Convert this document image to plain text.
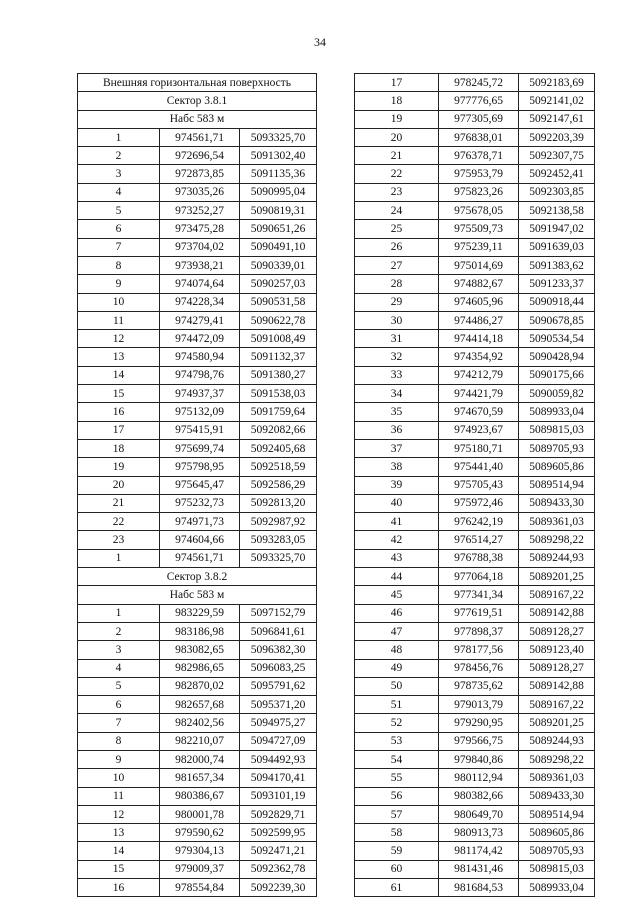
34
Внешняя горизонтальная поверхность		
Сектор 3.8.1		
Набс 583 м		
1	974561,71	5093325,70
2	972696,54	5091302,40
3	972873,85	5091135,36
4	973035,26	5090995,04
5	973252,27	5090819,31
6	973475,28	5090651,26
7	973704,02	5090491,10
8	973938,21	5090339,01
9	974074,64	5090257,03
10	974228,34	5090531,58
11	974279,41	5090622,78
12	974472,09	5091008,49
13	974580,94	5091132,37
14	974798,76	5091380,27
15	974937,37	5091538,03
16	975132,09	5091759,64
17	975415,91	5092082,66
18	975699,74	5092405,68
19	975798,95	5092518,59
20	975645,47	5092586,29
21	975232,73	5092813,20
22	974971,73	5092987,92
23	974604,66	5093283,05
1	974561,71	5093325,70
Сектор 3.8.2		
Набс 583 м		
1	983229,59	5097152,79
2	983186,98	5096841,61
3	983082,65	5096382,30
4	982986,65	5096083,25
5	982870,02	5095791,62
6	982657,68	5095371,20
7	982402,56	5094975,27
8	982210,07	5094727,09
9	982000,74	5094492,93
10	981657,34	5094170,41
11	980386,67	5093101,19
12	980001,78	5092829,71
13	979590,62	5092599,95
14	979304,13	5092471,21
15	979009,37	5092362,78
16	978554,84	5092239,30
17	978245,72	5092183,69
18	977776,65	5092141,02
19	977305,69	5092147,61
20	976838,01	5092203,39
21	976378,71	5092307,75
22	975953,79	5092452,41
23	975823,26	5092303,85
24	975678,05	5092138,58
25	975509,73	5091947,02
26	975239,11	5091639,03
27	975014,69	5091383,62
28	974882,67	5091233,37
29	974605,96	5090918,44
30	974486,27	5090678,85
31	974414,18	5090534,54
32	974354,92	5090428,94
33	974212,79	5090175,66
34	974421,79	5090059,82
35	974670,59	5089933,04
36	974923,67	5089815,03
37	975180,71	5089705,93
38	975441,40	5089605,86
39	975705,43	5089514,94
40	975972,46	5089433,30
41	976242,19	5089361,03
42	976514,27	5089298,22
43	976788,38	5089244,93
44	977064,18	5089201,25
45	977341,34	5089167,22
46	977619,51	5089142,88
47	977898,37	5089128,27
48	978177,56	5089123,40
49	978456,76	5089128,27
50	978735,62	5089142,88
51	979013,79	5089167,22
52	979290,95	5089201,25
53	979566,75	5089244,93
54	979840,86	5089298,22
55	980112,94	5089361,03
56	980382,66	5089433,30
57	980649,70	5089514,94
58	980913,73	5089605,86
59	981174,42	5089705,93
60	981431,46	5089815,03
61	981684,53	5089933,04
